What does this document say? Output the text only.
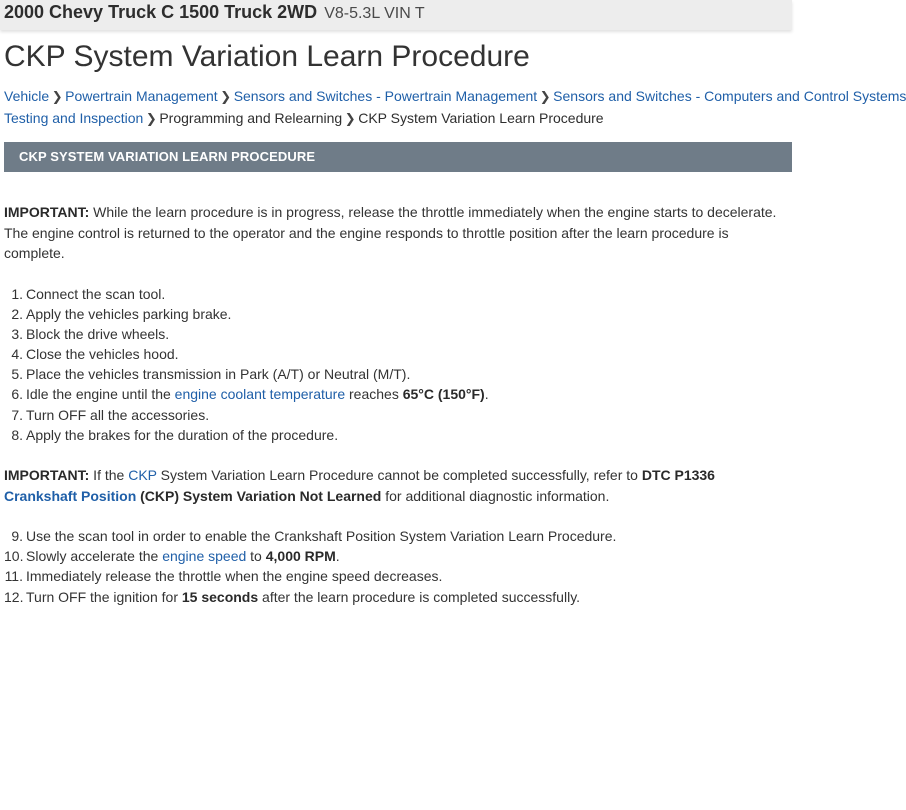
2000 Chevy Truck C 1500 Truck 2WD V8-5.3L VIN T
CKP System Variation Learn Procedure
Vehicle ❯ Powertrain Management ❯ Sensors and Switches - Powertrain Management ❯ Sensors and Switches - Computers and Control Systems
Testing and Inspection ❯ Programming and Relearning ❯ CKP System Variation Learn Procedure
CKP SYSTEM VARIATION LEARN PROCEDURE

IMPORTANT: While the learn procedure is in progress, release the throttle immediately when the engine starts to decelerate. The engine control is returned to the operator and the engine responds to throttle position after the learn procedure is complete.

1. Connect the scan tool.
2. Apply the vehicles parking brake.
3. Block the drive wheels.
4. Close the vehicles hood.
5. Place the vehicles transmission in Park (A/T) or Neutral (M/T).
6. Idle the engine until the engine coolant temperature reaches 65°C (150°F).
7. Turn OFF all the accessories.
8. Apply the brakes for the duration of the procedure.

IMPORTANT: If the CKP System Variation Learn Procedure cannot be completed successfully, refer to DTC P1336 Crankshaft Position (CKP) System Variation Not Learned for additional diagnostic information.

9. Use the scan tool in order to enable the Crankshaft Position System Variation Learn Procedure.
10. Slowly accelerate the engine speed to 4,000 RPM.
11. Immediately release the throttle when the engine speed decreases.
12. Turn OFF the ignition for 15 seconds after the learn procedure is completed successfully.
